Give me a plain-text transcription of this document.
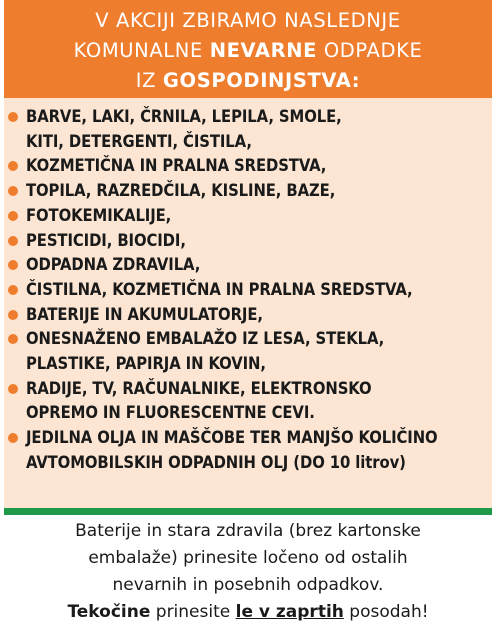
V AKCIJI ZBIRAMO NASLEDNJE
KOMUNALNE NEVARNE ODPADKE
IZ GOSPODINJSTVA:
BARVE, LAKI, ČRNILA, LEPILA, SMOLE,
KITI, DETERGENTI, ČISTILA,
KOZMETIČNA IN PRALNA SREDSTVA,
TOPILA, RAZREDČILA, KISLINE, BAZE,
FOTOKEMIKALIJE,
PESTICIDI, BIOCIDI,
ODPADNA ZDRAVILA,
ČISTILNA, KOZMETIČNA IN PRALNA SREDSTVA,
BATERIJE IN AKUMULATORJE,
ONESNAŽENO EMBALAŽO IZ LESA, STEKLA,
PLASTIKE, PAPIRJA IN KOVIN,
RADIJE, TV, RAČUNALNIKE, ELEKTRONSKO
OPREMO IN FLUORESCENTNE CEVI.
JEDILNA OLJA IN MAŠČOBE TER MANJŠO KOLIČINO
AVTOMOBILSKIH ODPADNIH OLJ (DO 10 litrov)
Baterije in stara zdravila (brez kartonske
embalaže) prinesite ločeno od ostalih
nevarnih in posebnih odpadkov.
Tekočine prinesite le v zaprtih posodah!
